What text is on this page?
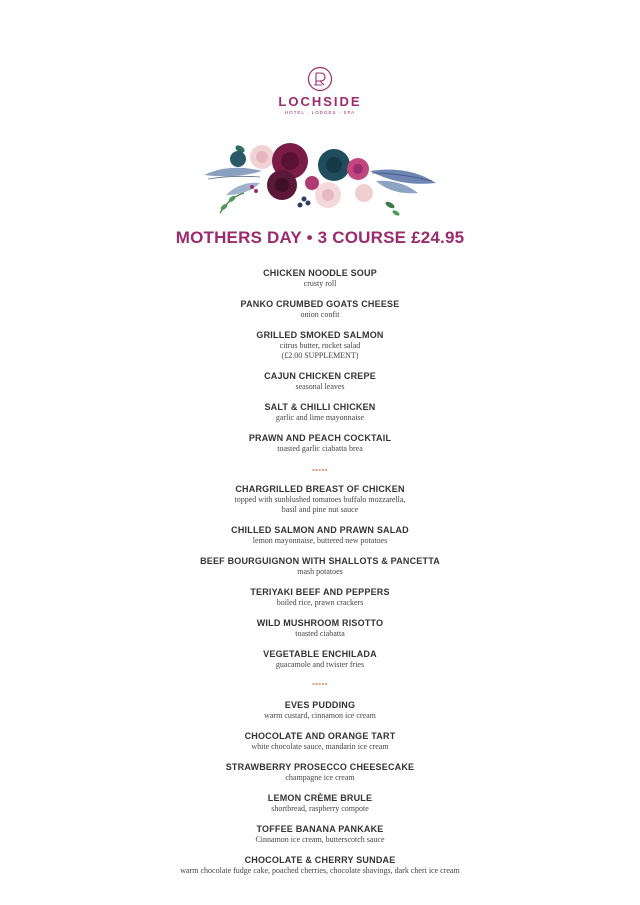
LOCHSIDE
HOTEL · LODGES · SPA
MOTHERS DAY • 3 COURSE £24.95
CHICKEN NOODLE SOUP
crusty roll
PANKO CRUMBED GOATS CHEESE
onion confit
GRILLED SMOKED SALMON
citrus butter, rocket salad
(£2.00 SUPPLEMENT)
CAJUN CHICKEN CREPE
seasonal leaves
SALT & CHILLI CHICKEN
garlic and lime mayonnaise
PRAWN AND PEACH COCKTAIL
toasted garlic ciabatta brea
-----
CHARGRILLED BREAST OF CHICKEN
topped with sunblushed tomatoes buffalo mozzarella,
basil and pine nut sauce
CHILLED SALMON AND PRAWN SALAD
lemon mayonnaise, buttered new potatoes
BEEF BOURGUIGNON WITH SHALLOTS & PANCETTA
mash potatoes
TERIYAKI BEEF AND PEPPERS
boiled rice, prawn crackers
WILD MUSHROOM RISOTTO
toasted ciabatta
VEGETABLE ENCHILADA
guacamole and twister fries
-----
EVES PUDDING
warm custard, cinnamon ice cream
CHOCOLATE AND ORANGE TART
white chocolate sauce, mandarin ice cream
STRAWBERRY PROSECCO CHEESECAKE
champagne ice cream
LEMON CRÈME BRULE
shortbread, raspberry compote
TOFFEE BANANA PANKAKE
Cinnamon ice cream, butterscotch sauce
CHOCOLATE & CHERRY SUNDAE
warm chocolate fudge cake, poached cherries, chocolate shavings, dark cheri ice cream
